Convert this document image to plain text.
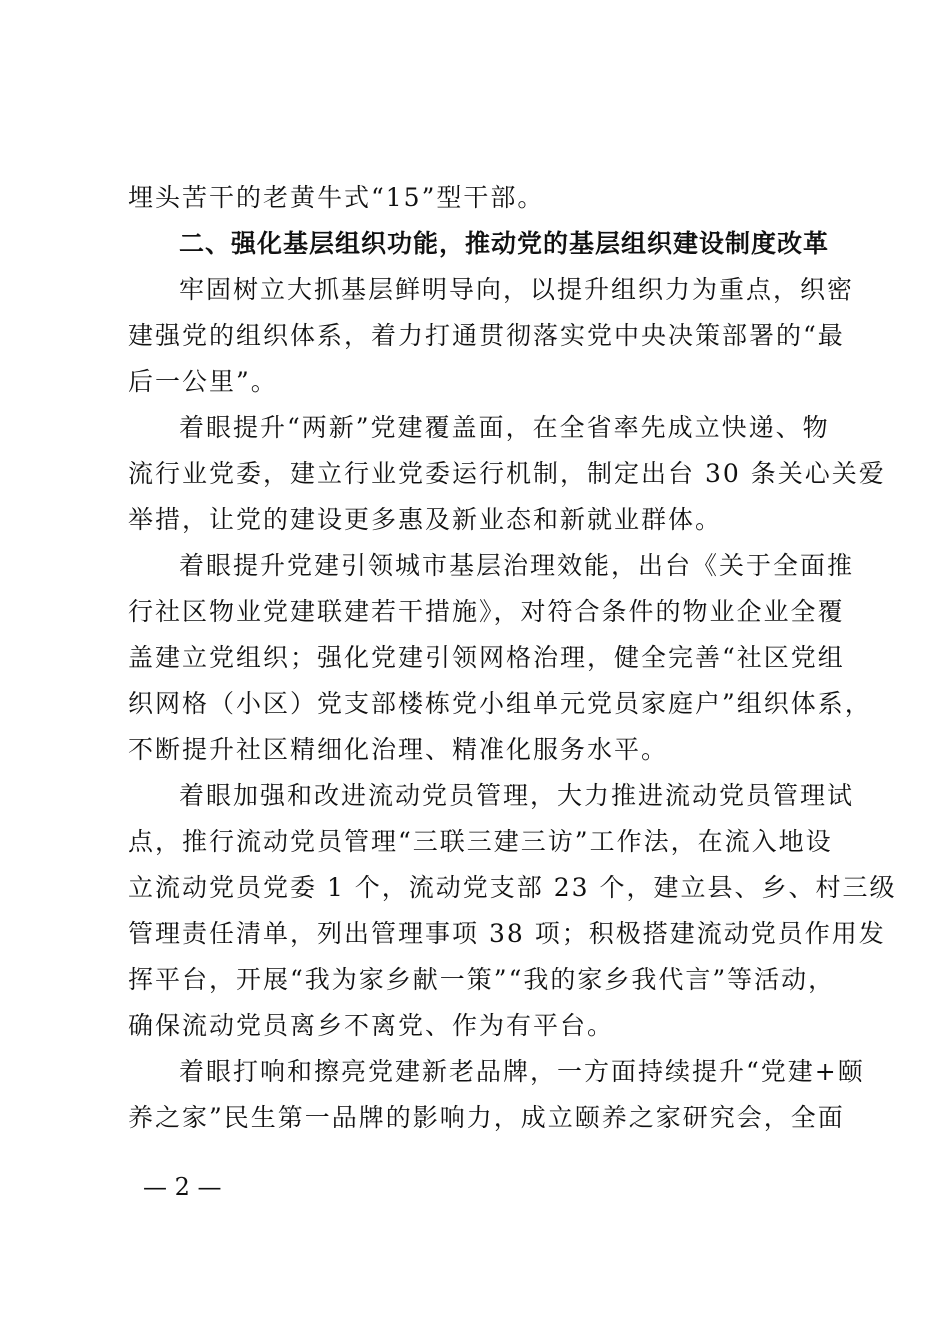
埋头苦干的老黄牛式“15”型干部。
二、强化基层组织功能，推动党的基层组织建设制度改革
牢固树立大抓基层鲜明导向，以提升组织力为重点，织密
建强党的组织体系，着力打通贯彻落实党中央决策部署的“最
后一公里”。
着眼提升“两新”党建覆盖面，在全省率先成立快递、物
流行业党委，建立行业党委运行机制，制定出台 30 条关心关爱
举措，让党的建设更多惠及新业态和新就业群体。
着眼提升党建引领城市基层治理效能，出台《关于全面推
行社区物业党建联建若干措施》，对符合条件的物业企业全覆
盖建立党组织；强化党建引领网格治理，健全完善“社区党组
织网格（小区）党支部楼栋党小组单元党员家庭户”组织体系，
不断提升社区精细化治理、精准化服务水平。
着眼加强和改进流动党员管理，大力推进流动党员管理试
点，推行流动党员管理“三联三建三访”工作法，在流入地设
立流动党员党委 1 个，流动党支部 23 个，建立县、乡、村三级
管理责任清单，列出管理事项 38 项；积极搭建流动党员作用发
挥平台，开展“我为家乡献一策”“我的家乡我代言”等活动，
确保流动党员离乡不离党、作为有平台。
着眼打响和擦亮党建新老品牌，一方面持续提升“党建+颐
养之家”民生第一品牌的影响力，成立颐养之家研究会，全面
— 2 —
